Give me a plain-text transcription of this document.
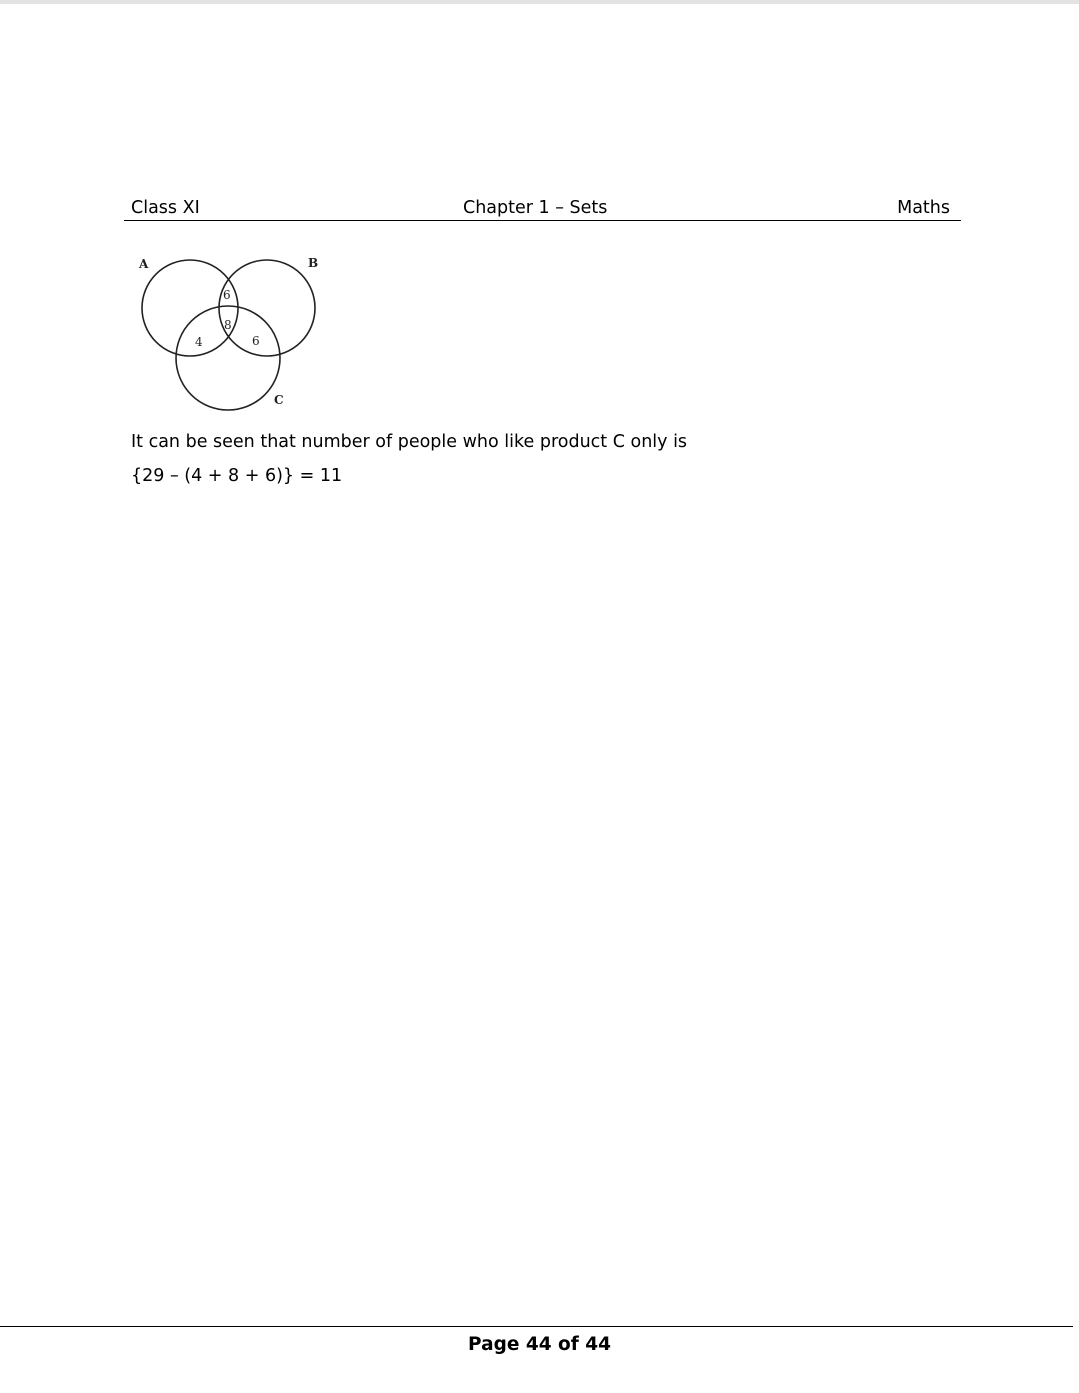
Class XI	Chapter 1 – Sets	Maths
A	B
C
6
8
4	6
It can be seen that number of people who like product C only is
{29 – (4 + 8 + 6)} = 11
Page 44 of 44
